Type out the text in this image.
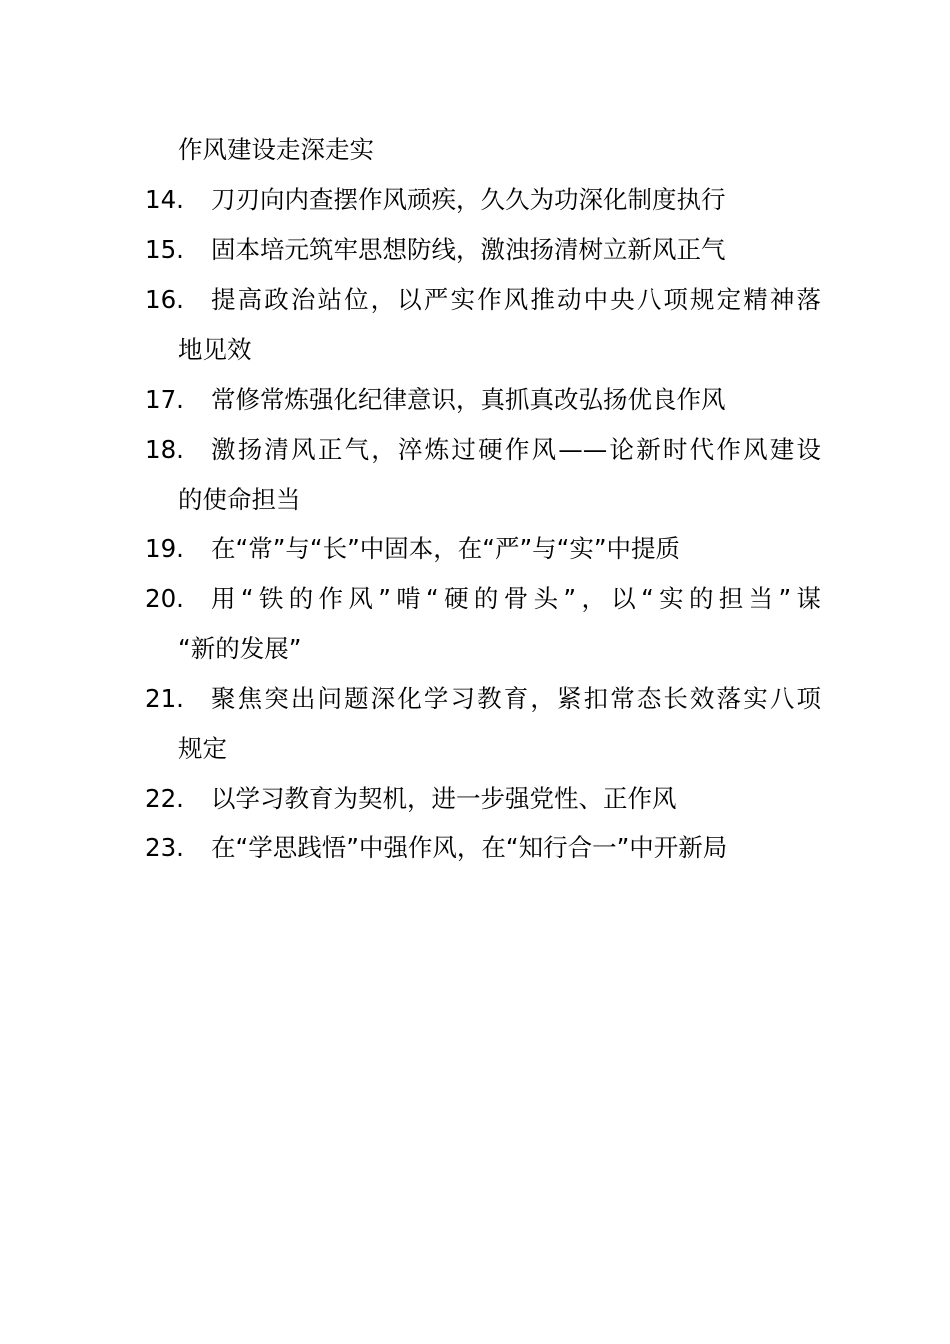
作风建设走深走实
14. 刀刃向内查摆作风顽疾，久久为功深化制度执行
15. 固本培元筑牢思想防线，激浊扬清树立新风正气
16. 提高政治站位，以严实作风推动中央八项规定精神落
地见效
17. 常修常炼强化纪律意识，真抓真改弘扬优良作风
18. 激扬清风正气，淬炼过硬作风——论新时代作风建设
的使命担当
19. 在“常”与“长”中固本，在“严”与“实”中提质
20. 用“铁的作风”啃“硬的骨头”，以“实的担当”谋
“新的发展”
21. 聚焦突出问题深化学习教育，紧扣常态长效落实八项
规定
22. 以学习教育为契机，进一步强党性、正作风
23. 在“学思践悟”中强作风，在“知行合一”中开新局
